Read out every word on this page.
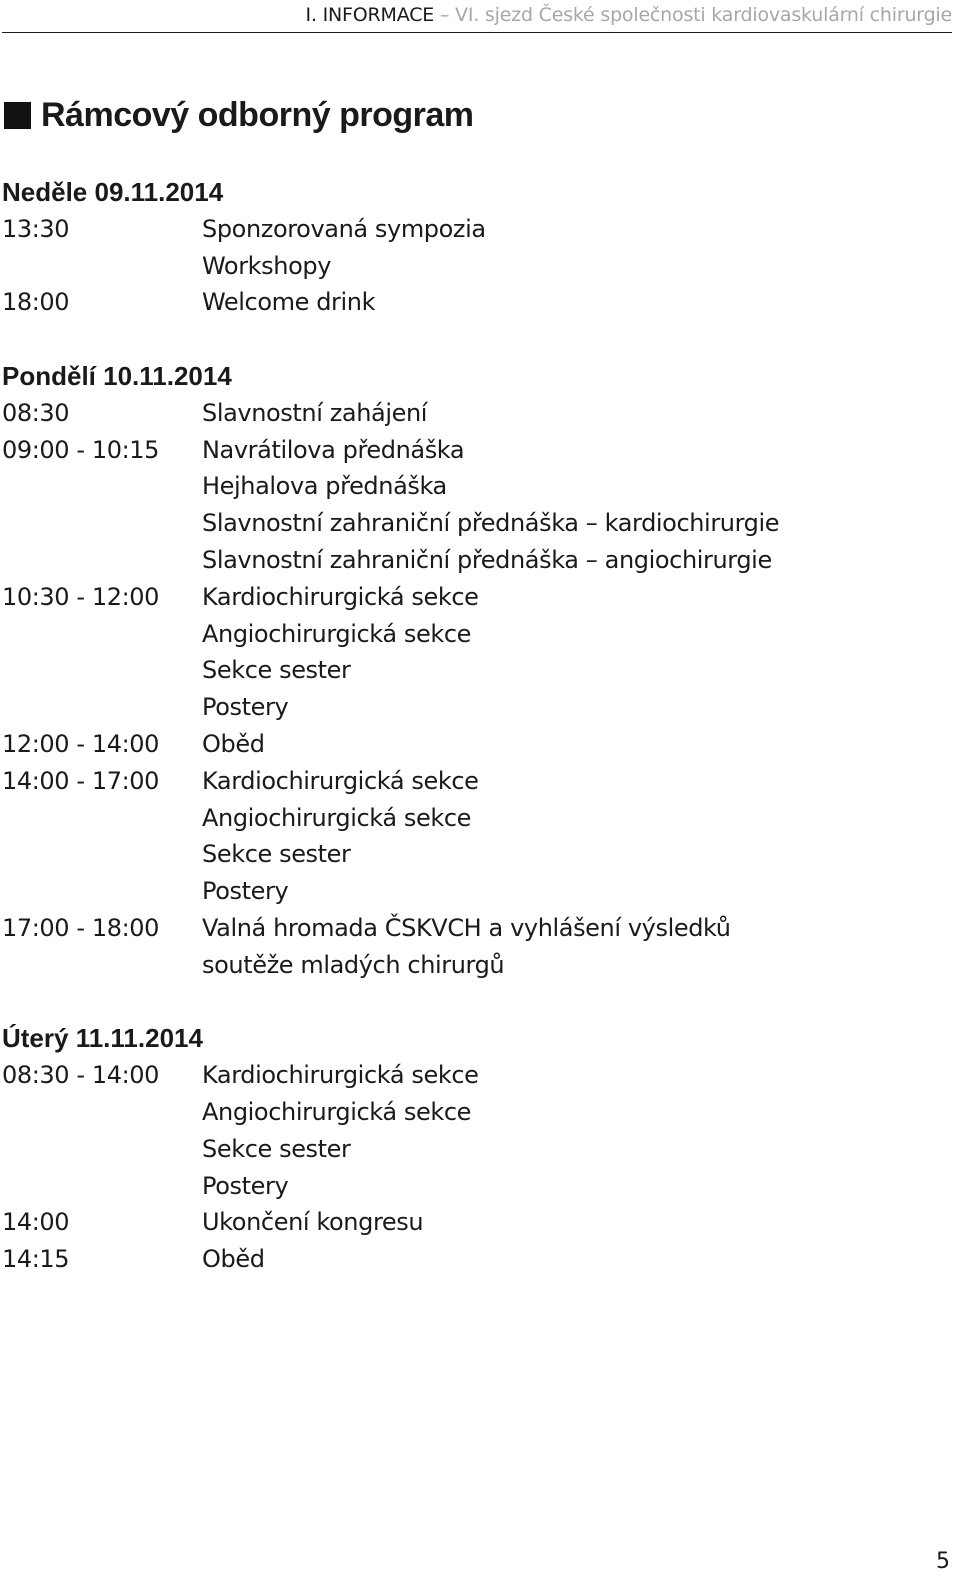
I. INFORMACE – VI. sjezd České společnosti kardiovaskulární chirurgie
Rámcový odborný program
Neděle 09.11.2014
13:30	Sponzorovaná sympozia
Workshopy
18:00	Welcome drink
Pondělí 10.11.2014
08:30	Slavnostní zahájení
09:00 - 10:15	Navrátilova přednáška
Hejhalova přednáška
Slavnostní zahraniční přednáška – kardiochirurgie
Slavnostní zahraniční přednáška – angiochirurgie
10:30 - 12:00	Kardiochirurgická sekce
Angiochirurgická sekce
Sekce sester
Postery
12:00 - 14:00	Oběd
14:00 - 17:00	Kardiochirurgická sekce
Angiochirurgická sekce
Sekce sester
Postery
17:00 - 18:00	Valná hromada ČSKVCH a vyhlášení výsledků
soutěže mladých chirurgů
Úterý 11.11.2014
08:30 - 14:00	Kardiochirurgická sekce
Angiochirurgická sekce
Sekce sester
Postery
14:00	Ukončení kongresu
14:15	Oběd
5
